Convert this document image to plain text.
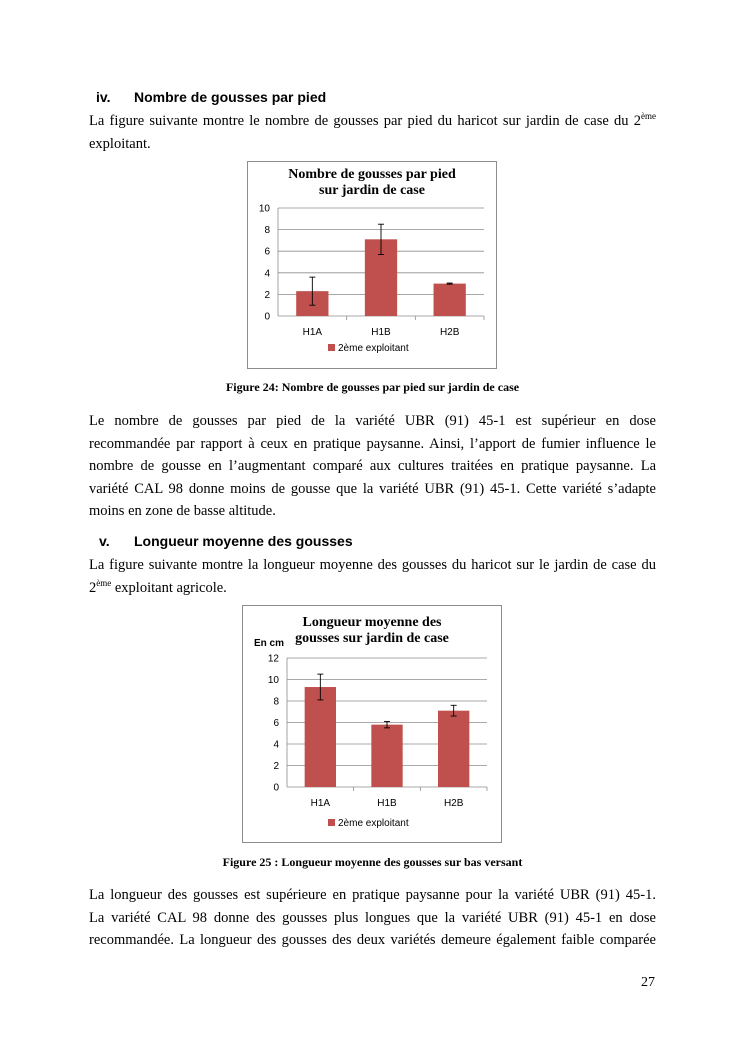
iv. Nombre de gousses par pied
La figure suivante montre le nombre de gousses par pied du haricot sur jardin de case du 2ème
exploitant.
Nombre de gousses par pied
sur jardin de case
0
2
4
6
8
10
H1A	H1B	H2B
2ème exploitant
Figure 24: Nombre de gousses par pied sur jardin de case
Le nombre de gousses par pied de la variété UBR (91) 45-1 est supérieur en dose
recommandée par rapport à ceux en pratique paysanne. Ainsi, l’apport de fumier influence le
nombre de gousse en l’augmentant comparé aux cultures traitées en pratique paysanne. La
variété CAL 98 donne moins de gousse que la variété UBR (91) 45-1. Cette variété s’adapte
moins en zone de basse altitude.
v. Longueur moyenne des gousses
La figure suivante montre la longueur moyenne des gousses du haricot sur le jardin de case du
2ème exploitant agricole.
Longueur moyenne des
gousses sur jardin de case
En cm
0
2
4
6
8
10
12
H1A	H1B	H2B
2ème exploitant
Figure 25 : Longueur moyenne des gousses sur bas versant
La longueur des gousses est supérieure en pratique paysanne pour la variété UBR (91) 45-1.
La variété CAL 98 donne des gousses plus longues que la variété UBR (91) 45-1 en dose
recommandée. La longueur des gousses des deux variétés demeure également faible comparée
27
